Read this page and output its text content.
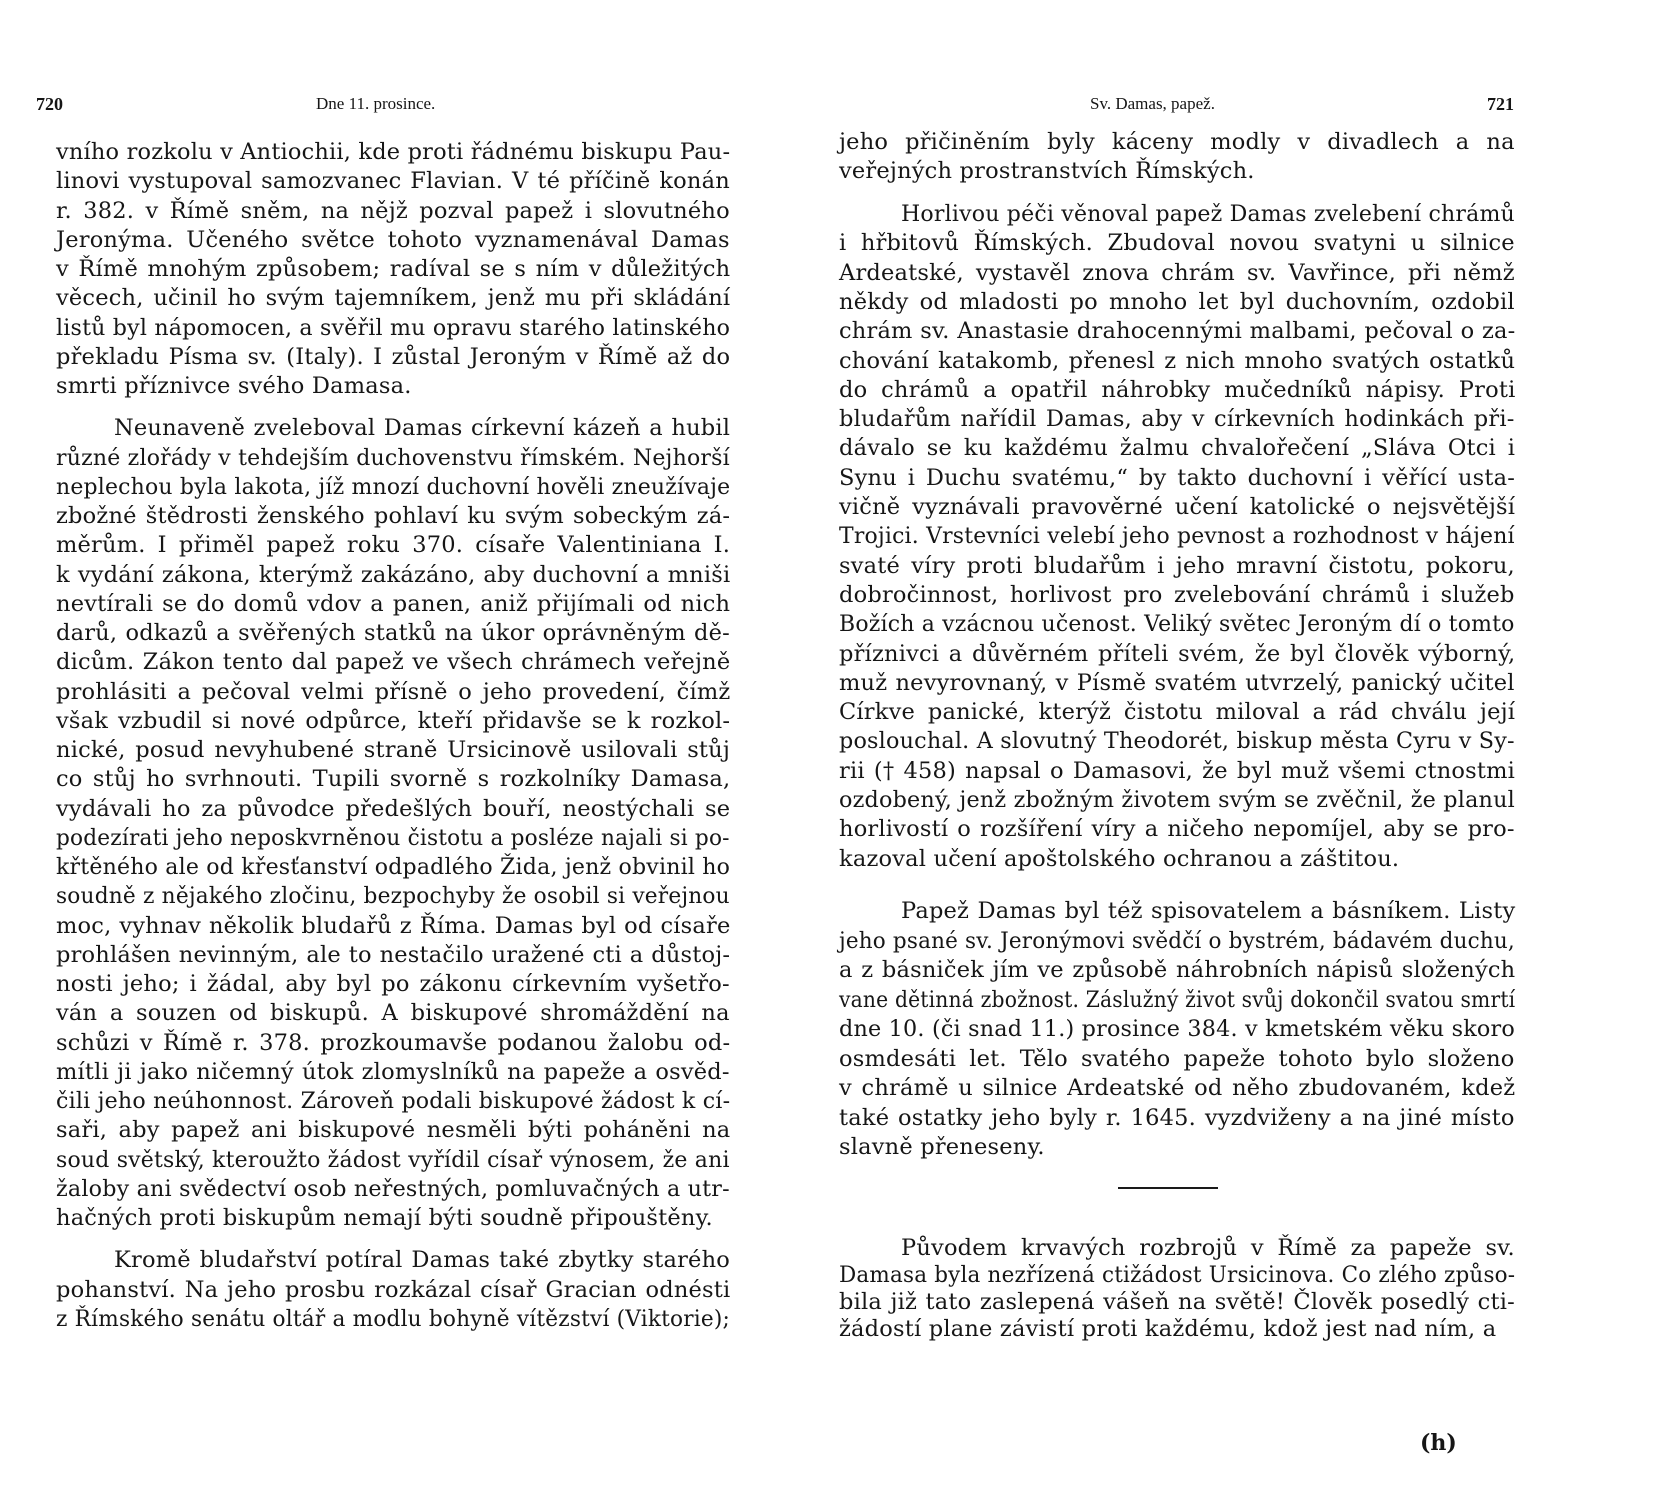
720	Dne 11. prosince.
vního rozkolu v Antiochii, kde proti řádnému biskupu Pau-
linovi vystupoval samozvanec Flavian. V té příčině konán
r. 382. v Římě sněm, na nějž pozval papež i slovutného
Jeronýma. Učeného světce tohoto vyznamenával Damas
v Římě mnohým způsobem; radíval se s ním v důležitých
věcech, učinil ho svým tajemníkem, jenž mu při skládání
listů byl nápomocen, a svěřil mu opravu starého latinského
překladu Písma sv. (Italy). I zůstal Jeroným v Římě až do
smrti příznivce svého Damasa.
Neunaveně zveleboval Damas církevní kázeň a hubil
různé zlořády v tehdejším duchovenstvu římském. Nejhorší
neplechou byla lakota, jíž mnozí duchovní hověli zneužívaje
zbožné štědrosti ženského pohlaví ku svým sobeckým zá-
měrům. I přiměl papež roku 370. císaře Valentiniana I.
k vydání zákona, kterýmž zakázáno, aby duchovní a mniši
nevtírali se do domů vdov a panen, aniž přijímali od nich
darů, odkazů a svěřených statků na úkor oprávněným dě-
dicům. Zákon tento dal papež ve všech chrámech veřejně
prohlásiti a pečoval velmi přísně o jeho provedení, čímž
však vzbudil si nové odpůrce, kteří přidavše se k rozkol-
nické, posud nevyhubené straně Ursicinově usilovali stůj
co stůj ho svrhnouti. Tupili svorně s rozkolníky Damasa,
vydávali ho za původce předešlých bouří, neostýchali se
podezírati jeho neposkvrněnou čistotu a posléze najali si po-
křtěného ale od křesťanství odpadlého Žida, jenž obvinil ho
soudně z nějakého zločinu, bezpochyby že osobil si veřejnou
moc, vyhnav několik bludařů z Říma. Damas byl od císaře
prohlášen nevinným, ale to nestačilo uražené cti a důstoj-
nosti jeho; i žádal, aby byl po zákonu církevním vyšetřo-
ván a souzen od biskupů. A biskupové shromáždění na
schůzi v Římě r. 378. prozkoumavše podanou žalobu od-
mítli ji jako ničemný útok zlomyslníků na papeže a osvěd-
čili jeho neúhonnost. Zároveň podali biskupové žádost k cí-
saři, aby papež ani biskupové nesměli býti poháněni na
soud světský, kteroužto žádost vyřídil císař výnosem, že ani
žaloby ani svědectví osob neřestných, pomluvačných a utr-
hačných proti biskupům nemají býti soudně připouštěny.
Kromě bludařství potíral Damas také zbytky starého
pohanství. Na jeho prosbu rozkázal císař Gracian odnésti
z Římského senátu oltář a modlu bohyně vítězství (Viktorie);
Sv. Damas, papež.	721
jeho přičiněním byly káceny modly v divadlech a na
veřejných prostranstvích Římských.
Horlivou péči věnoval papež Damas zvelebení chrámů
i hřbitovů Římských. Zbudoval novou svatyni u silnice
Ardeatské, vystavěl znova chrám sv. Vavřince, při němž
někdy od mladosti po mnoho let byl duchovním, ozdobil
chrám sv. Anastasie drahocennými malbami, pečoval o za-
chování katakomb, přenesl z nich mnoho svatých ostatků
do chrámů a opatřil náhrobky mučedníků nápisy. Proti
bludařům nařídil Damas, aby v církevních hodinkách při-
dávalo se ku každému žalmu chvalořečení „Sláva Otci i
Synu i Duchu svatému,“ by takto duchovní i věřící usta-
vičně vyznávali pravověrné učení katolické o nejsvětější
Trojici. Vrstevníci velebí jeho pevnost a rozhodnost v hájení
svaté víry proti bludařům i jeho mravní čistotu, pokoru,
dobročinnost, horlivost pro zvelebování chrámů i služeb
Božích a vzácnou učenost. Veliký světec Jeroným dí o tomto
příznivci a důvěrném příteli svém, že byl člověk výborný,
muž nevyrovnaný, v Písmě svatém utvrzelý, panický učitel
Církve panické, kterýž čistotu miloval a rád chválu její
poslouchal. A slovutný Theodorét, biskup města Cyru v Sy-
rii († 458) napsal o Damasovi, že byl muž všemi ctnostmi
ozdobený, jenž zbožným životem svým se zvěčnil, že planul
horlivostí o rozšíření víry a ničeho nepomíjel, aby se pro-
kazoval učení apoštolského ochranou a záštitou.
Papež Damas byl též spisovatelem a básníkem. Listy
jeho psané sv. Jeronýmovi svědčí o bystrém, bádavém duchu,
a z básniček jím ve způsobě náhrobních nápisů složených
vane dětinná zbožnost. Záslužný život svůj dokončil svatou smrtí
dne 10. (či snad 11.) prosince 384. v kmetském věku skoro
osmdesáti let. Tělo svatého papeže tohoto bylo složeno
v chrámě u silnice Ardeatské od něho zbudovaném, kdež
také ostatky jeho byly r. 1645. vyzdviženy a na jiné místo
slavně přeneseny.
Původem krvavých rozbrojů v Římě za papeže sv.
Damasa byla nezřízená ctižádost Ursicinova. Co zlého způso-
bila již tato zaslepená vášeň na světě! Člověk posedlý cti-
žádostí plane závistí proti každému, kdož jest nad ním, a
(h)
